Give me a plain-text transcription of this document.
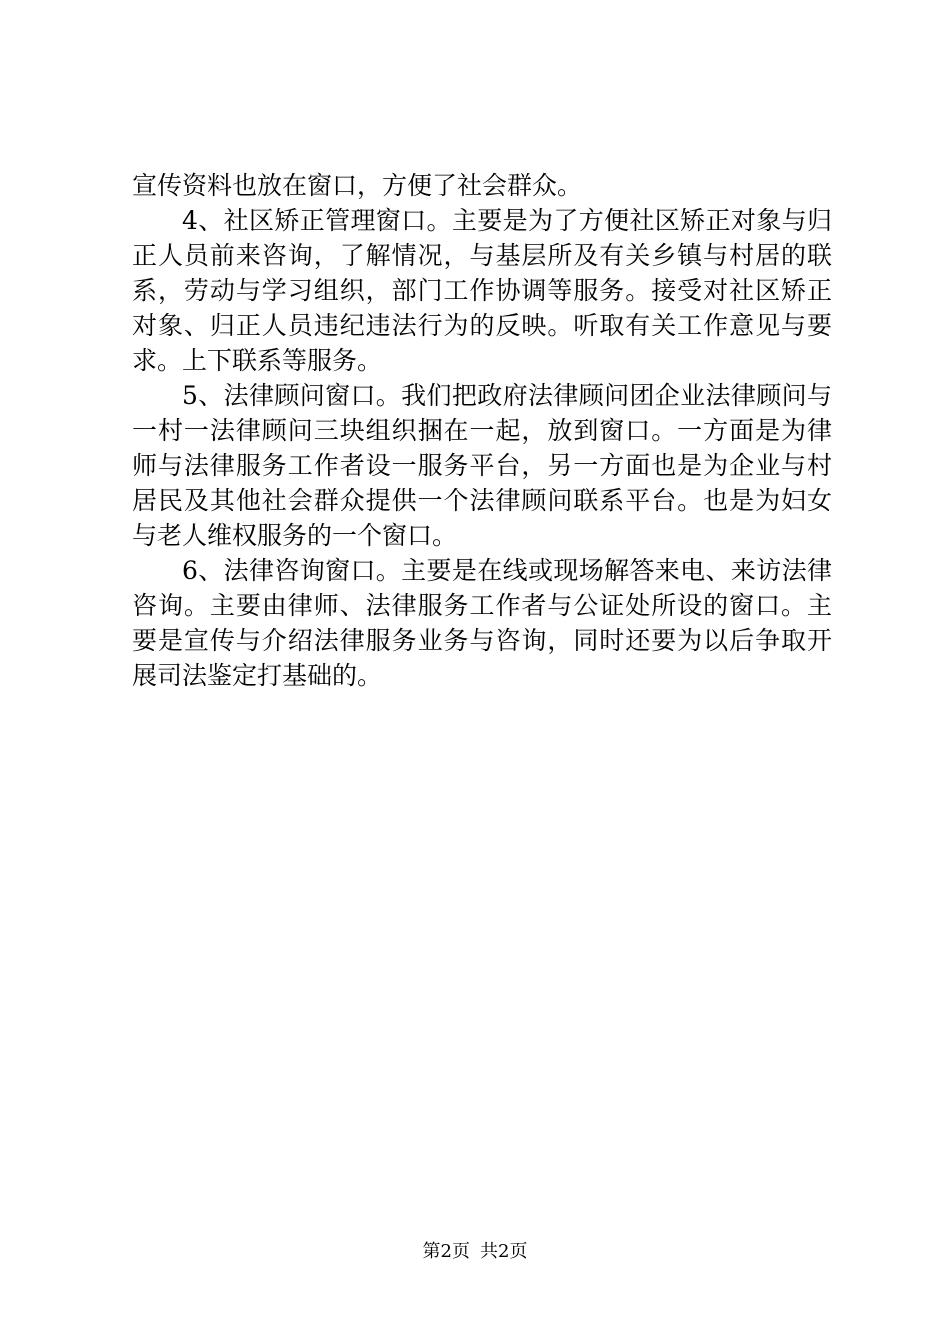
宣传资料也放在窗口，方便了社会群众。
4、社区矫正管理窗口。主要是为了方便社区矫正对象与归
正人员前来咨询，了解情况，与基层所及有关乡镇与村居的联
系，劳动与学习组织，部门工作协调等服务。接受对社区矫正
对象、归正人员违纪违法行为的反映。听取有关工作意见与要
求。上下联系等服务。
5、法律顾问窗口。我们把政府法律顾问团企业法律顾问与
一村一法律顾问三块组织捆在一起，放到窗口。一方面是为律
师与法律服务工作者设一服务平台，另一方面也是为企业与村
居民及其他社会群众提供一个法律顾问联系平台。也是为妇女
与老人维权服务的一个窗口。
6、法律咨询窗口。主要是在线或现场解答来电、来访法律
咨询。主要由律师、法律服务工作者与公证处所设的窗口。主
要是宣传与介绍法律服务业务与咨询，同时还要为以后争取开
展司法鉴定打基础的。
第2页 共2页
